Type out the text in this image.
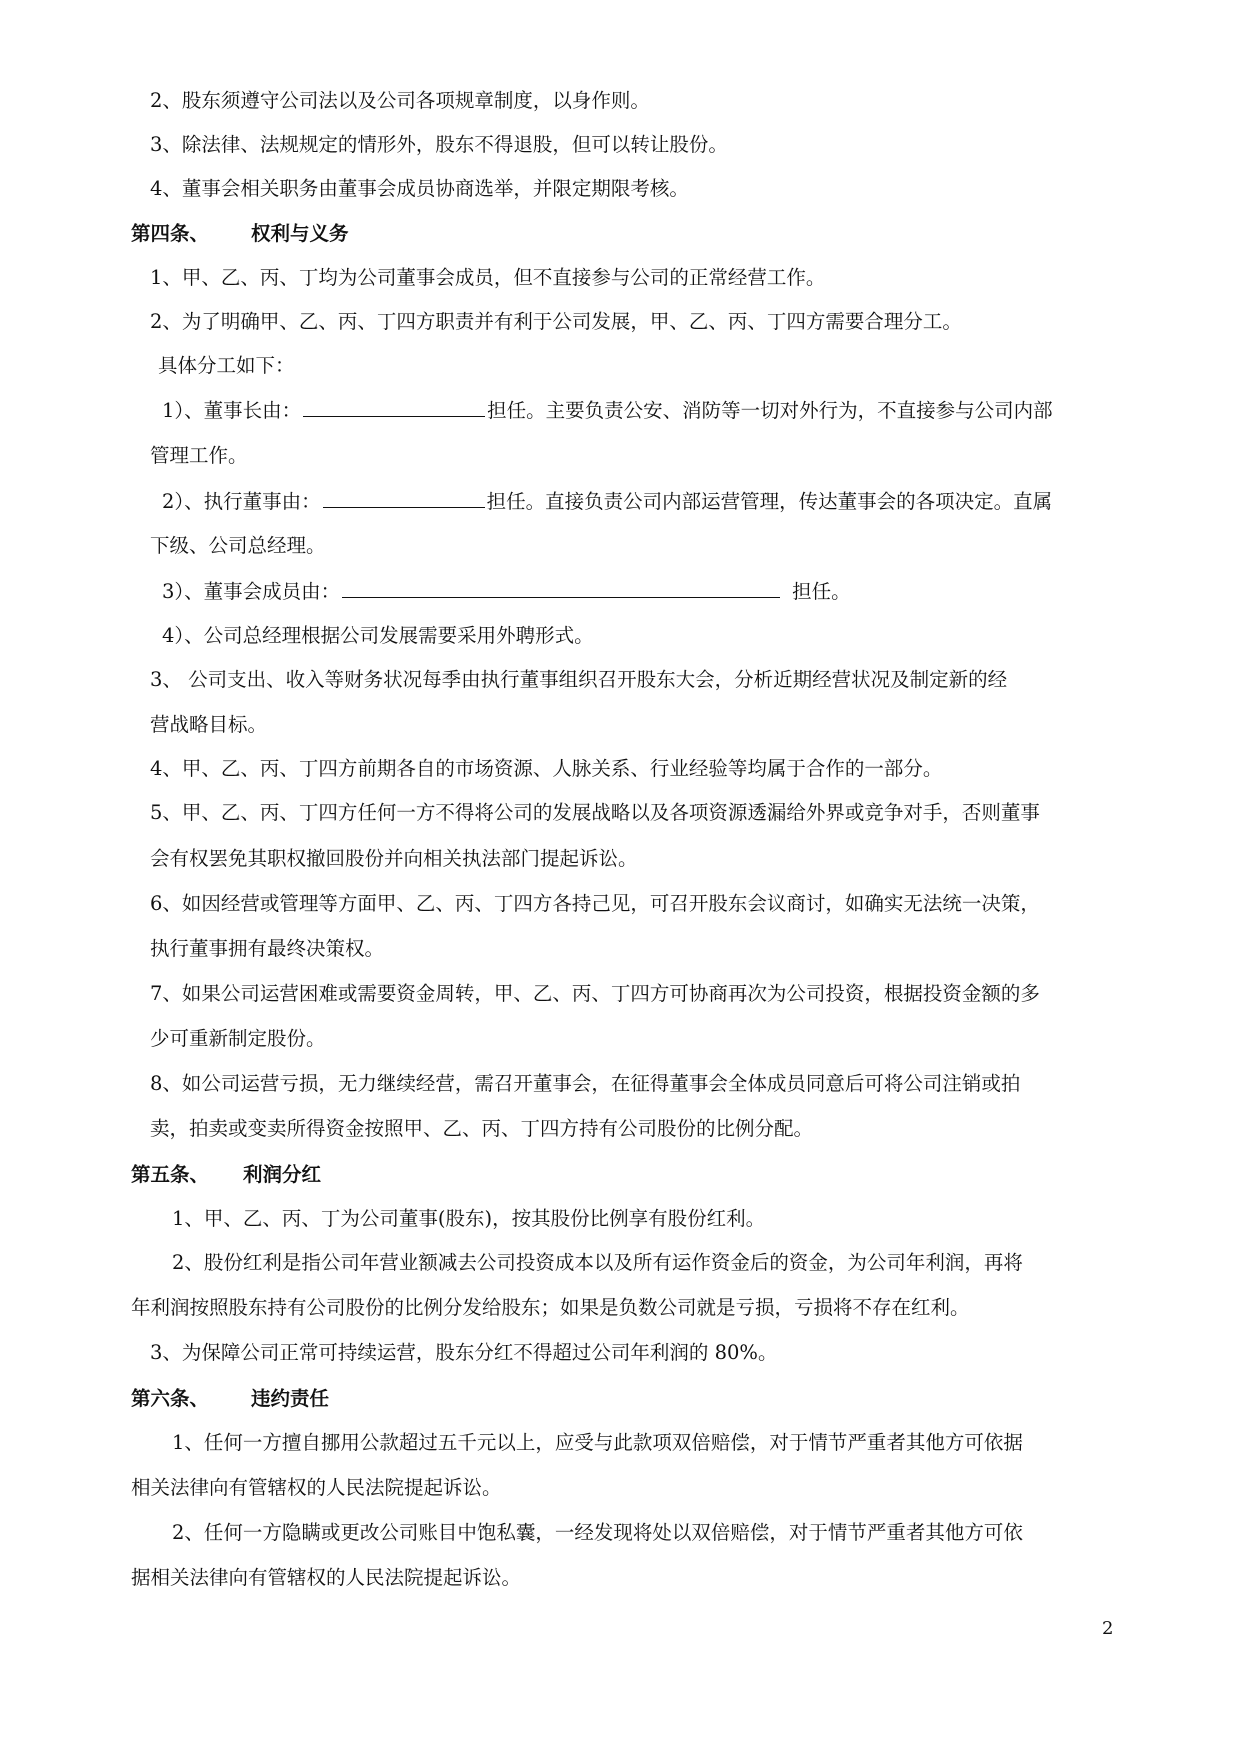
2、股东须遵守公司法以及公司各项规章制度，以身作则。
3、除法律、法规规定的情形外，股东不得退股，但可以转让股份。
4、董事会相关职务由董事会成员协商选举，并限定期限考核。
第四条、 权利与义务
1、甲、乙、丙、丁均为公司董事会成员，但不直接参与公司的正常经营工作。
2、为了明确甲、乙、丙、丁四方职责并有利于公司发展，甲、乙、丙、丁四方需要合理分工。
具体分工如下：
1）、董事长由：	担任。主要负责公安、消防等一切对外行为，不直接参与公司内部
管理工作。
2）、执行董事由：	担任。直接负责公司内部运营管理，传达董事会的各项决定。直属
下级、公司总经理。
3）、董事会成员由：	担任。
4）、公司总经理根据公司发展需要采用外聘形式。
3、 公司支出、收入等财务状况每季由执行董事组织召开股东大会，分析近期经营状况及制定新的经
营战略目标。
4、甲、乙、丙、丁四方前期各自的市场资源、人脉关系、行业经验等均属于合作的一部分。
5、甲、乙、丙、丁四方任何一方不得将公司的发展战略以及各项资源透漏给外界或竞争对手，否则董事
会有权罢免其职权撤回股份并向相关执法部门提起诉讼。
6、如因经营或管理等方面甲、乙、丙、丁四方各持己见，可召开股东会议商讨，如确实无法统一决策，
执行董事拥有最终决策权。
7、如果公司运营困难或需要资金周转，甲、乙、丙、丁四方可协商再次为公司投资，根据投资金额的多
少可重新制定股份。
8、如公司运营亏损，无力继续经营，需召开董事会，在征得董事会全体成员同意后可将公司注销或拍
卖，拍卖或变卖所得资金按照甲、乙、丙、丁四方持有公司股份的比例分配。
第五条、 利润分红
1、甲、乙、丙、丁为公司董事(股东)，按其股份比例享有股份红利。
2、股份红利是指公司年营业额减去公司投资成本以及所有运作资金后的资金，为公司年利润，再将
年利润按照股东持有公司股份的比例分发给股东；如果是负数公司就是亏损，亏损将不存在红利。
3、为保障公司正常可持续运营，股东分红不得超过公司年利润的 80%。
第六条、 违约责任
1、任何一方擅自挪用公款超过五千元以上，应受与此款项双倍赔偿，对于情节严重者其他方可依据
相关法律向有管辖权的人民法院提起诉讼。
2、任何一方隐瞒或更改公司账目中饱私囊，一经发现将处以双倍赔偿，对于情节严重者其他方可依
据相关法律向有管辖权的人民法院提起诉讼。
2
